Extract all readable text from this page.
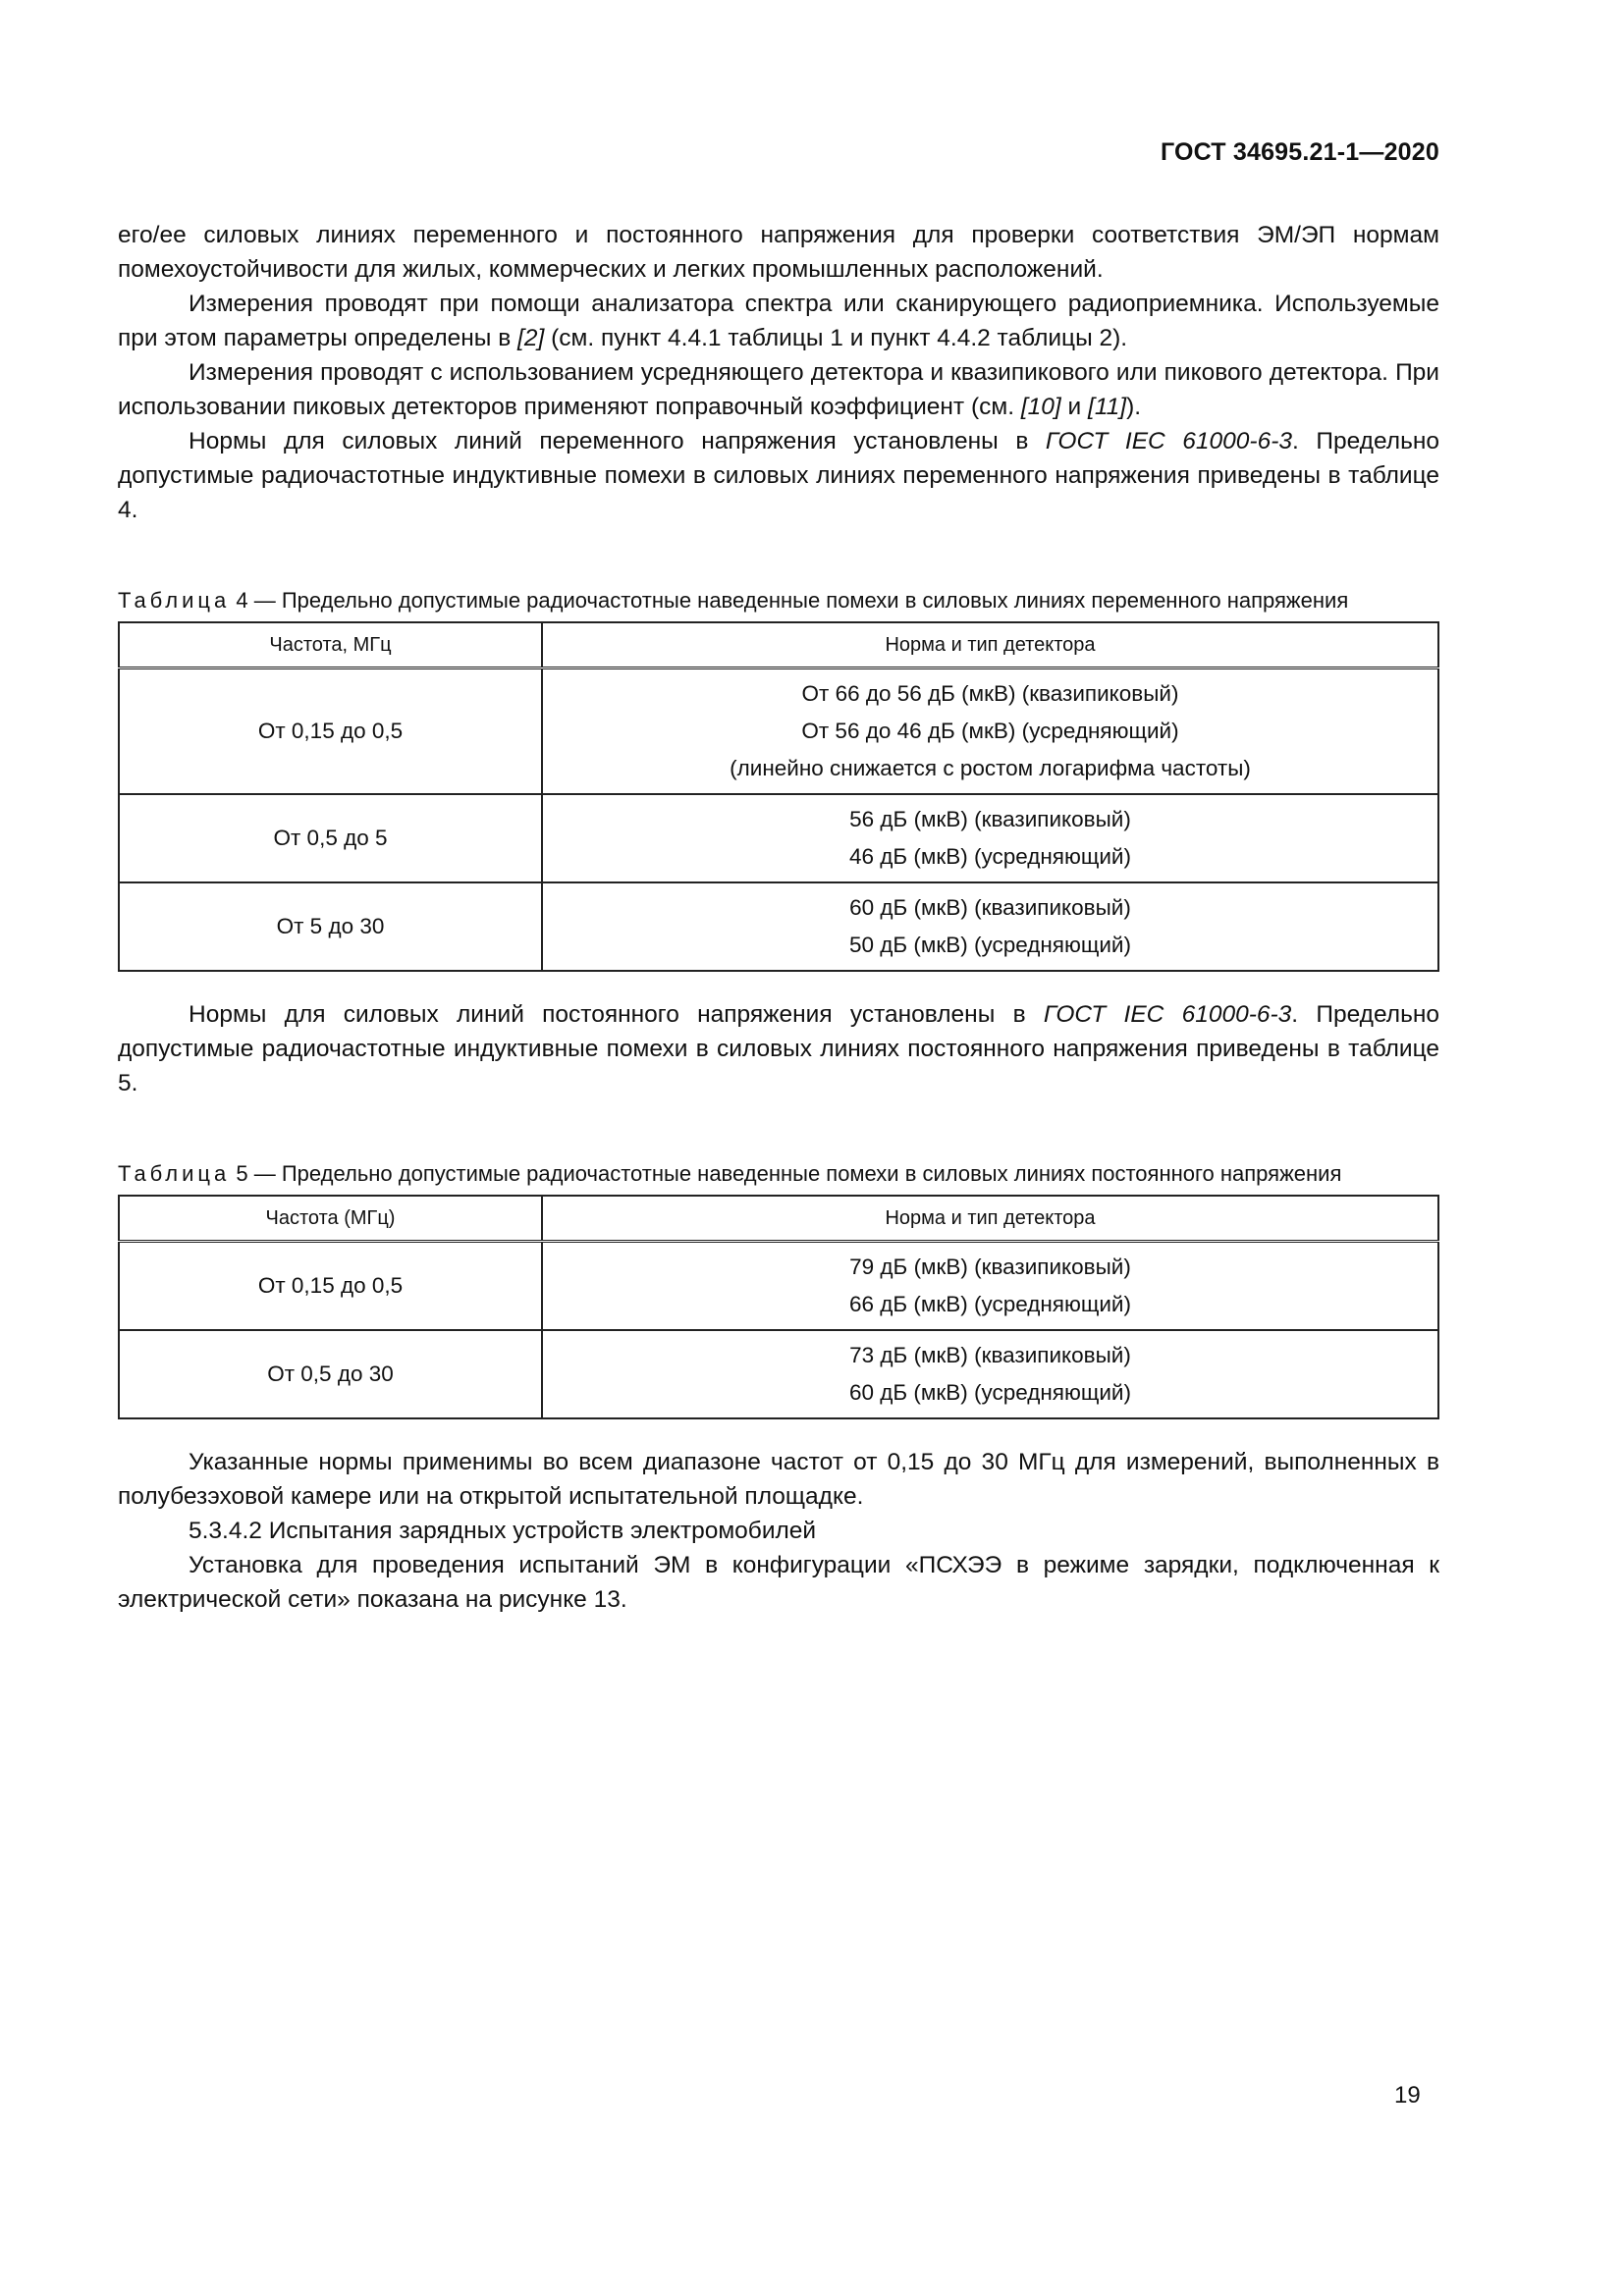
ГОСТ 34695.21-1—2020

его/ее силовых линиях переменного и постоянного напряжения для проверки соответствия ЭМ/ЭП нормам помехоустойчивости для жилых, коммерческих и легких промышленных расположений.

Измерения проводят при помощи анализатора спектра или сканирующего радиоприемника. Используемые при этом параметры определены в [2] (см. пункт 4.4.1 таблицы 1 и пункт 4.4.2 таблицы 2).

Измерения проводят с использованием усредняющего детектора и квазипикового или пикового детектора. При использовании пиковых детекторов применяют поправочный коэффициент (см. [10] и [11]).

Нормы для силовых линий переменного напряжения установлены в ГОСТ IEC 61000-6-3. Предельно допустимые радиочастотные индуктивные помехи в силовых линиях переменного напряжения приведены в таблице 4.

Таблица 4 — Предельно допустимые радиочастотные наведенные помехи в силовых линиях переменного напряжения

Частота, МГц	Норма и тип детектора
От 0,15 до 0,5	От 66 до 56 дБ (мкВ) (квазипиковый)
От 56 до 46 дБ (мкВ) (усредняющий)
(линейно снижается с ростом логарифма частоты)

От 0,5 до 5	56 дБ (мкВ) (квазипиковый)
46 дБ (мкВ) (усредняющий)

От 5 до 30	60 дБ (мкВ) (квазипиковый)
50 дБ (мкВ) (усредняющий)

Нормы для силовых линий постоянного напряжения установлены в ГОСТ IEC 61000-6-3. Предельно допустимые радиочастотные индуктивные помехи в силовых линиях постоянного напряжения приведены в таблице 5.

Таблица 5 — Предельно допустимые радиочастотные наведенные помехи в силовых линиях постоянного напряжения

Частота (МГц)	Норма и тип детектора
От 0,15 до 0,5	79 дБ (мкВ) (квазипиковый)
66 дБ (мкВ) (усредняющий)

От 0,5 до 30	73 дБ (мкВ) (квазипиковый)
60 дБ (мкВ) (усредняющий)

Указанные нормы применимы во всем диапазоне частот от 0,15 до 30 МГц для измерений, выполненных в полубезэховой камере или на открытой испытательной площадке.

5.3.4.2 Испытания зарядных устройств электромобилей

Установка для проведения испытаний ЭМ в конфигурации «ПСХЭЭ в режиме зарядки, подключенная к электрической сети» показана на рисунке 13.

19
